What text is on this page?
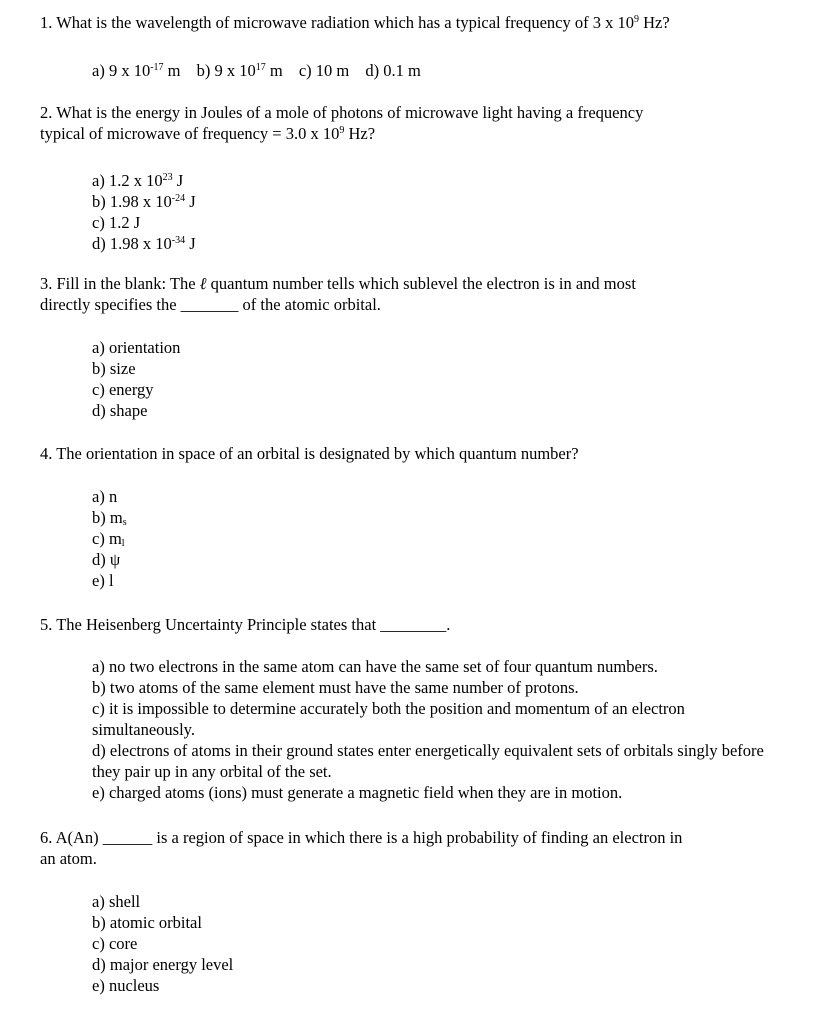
1. What is the wavelength of microwave radiation which has a typical frequency of 3 x $10^9$ Hz?
a) 9 x $10^{-17}$ m b) 9 x $10^{17}$ m c) 10 m d) 0.1 m
2. What is the energy in Joules of a mole of photons of microwave light having a frequency
typical of microwave of frequency = 3.0 x $10^9$ Hz?
a) 1.2 x $10^{23}$ J
b) 1.98 x $10^{-24}$ J
c) 1.2 J
d) 1.98 x $10^{-34}$ J
3. Fill in the blank: The ℓ quantum number tells which sublevel the electron is in and most
directly specifies the _______ of the atomic orbital.
a) orientation
b) size
c) energy
d) shape
4. The orientation in space of an orbital is designated by which quantum number?
a) n
b) $m_s$
c) $m_l$
d) ψ
e) l
5. The Heisenberg Uncertainty Principle states that ________.
a) no two electrons in the same atom can have the same set of four quantum numbers.
b) two atoms of the same element must have the same number of protons.
c) it is impossible to determine accurately both the position and momentum of an electron simultaneously.
d) electrons of atoms in their ground states enter energetically equivalent sets of orbitals singly before they pair up in any orbital of the set.
e) charged atoms (ions) must generate a magnetic field when they are in motion.
6. A(An) ______ is a region of space in which there is a high probability of finding an electron in
an atom.
a) shell
b) atomic orbital
c) core
d) major energy level
e) nucleus
